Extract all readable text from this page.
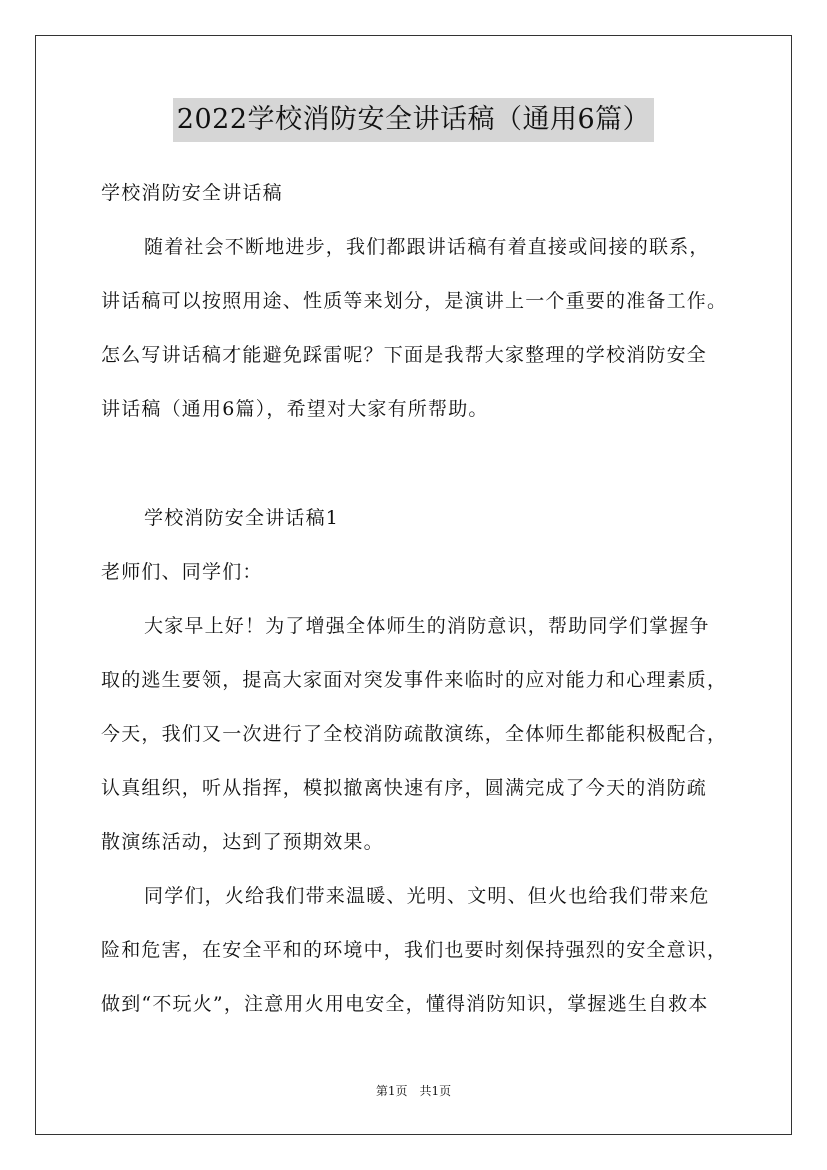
2022学校消防安全讲话稿（通用6篇）
学校消防安全讲话稿
随着社会不断地进步，我们都跟讲话稿有着直接或间接的联系，
讲话稿可以按照用途、性质等来划分，是演讲上一个重要的准备工作。
怎么写讲话稿才能避免踩雷呢？下面是我帮大家整理的学校消防安全
讲话稿（通用6篇），希望对大家有所帮助。
学校消防安全讲话稿1
老师们、同学们：
大家早上好！为了增强全体师生的消防意识，帮助同学们掌握争
取的逃生要领，提高大家面对突发事件来临时的应对能力和心理素质，
今天，我们又一次进行了全校消防疏散演练，全体师生都能积极配合，
认真组织，听从指挥，模拟撤离快速有序，圆满完成了今天的消防疏
散演练活动，达到了预期效果。
同学们，火给我们带来温暖、光明、文明、但火也给我们带来危
险和危害，在安全平和的环境中，我们也要时刻保持强烈的安全意识，
做到“不玩火”，注意用火用电安全，懂得消防知识，掌握逃生自救本
第1页　共1页
